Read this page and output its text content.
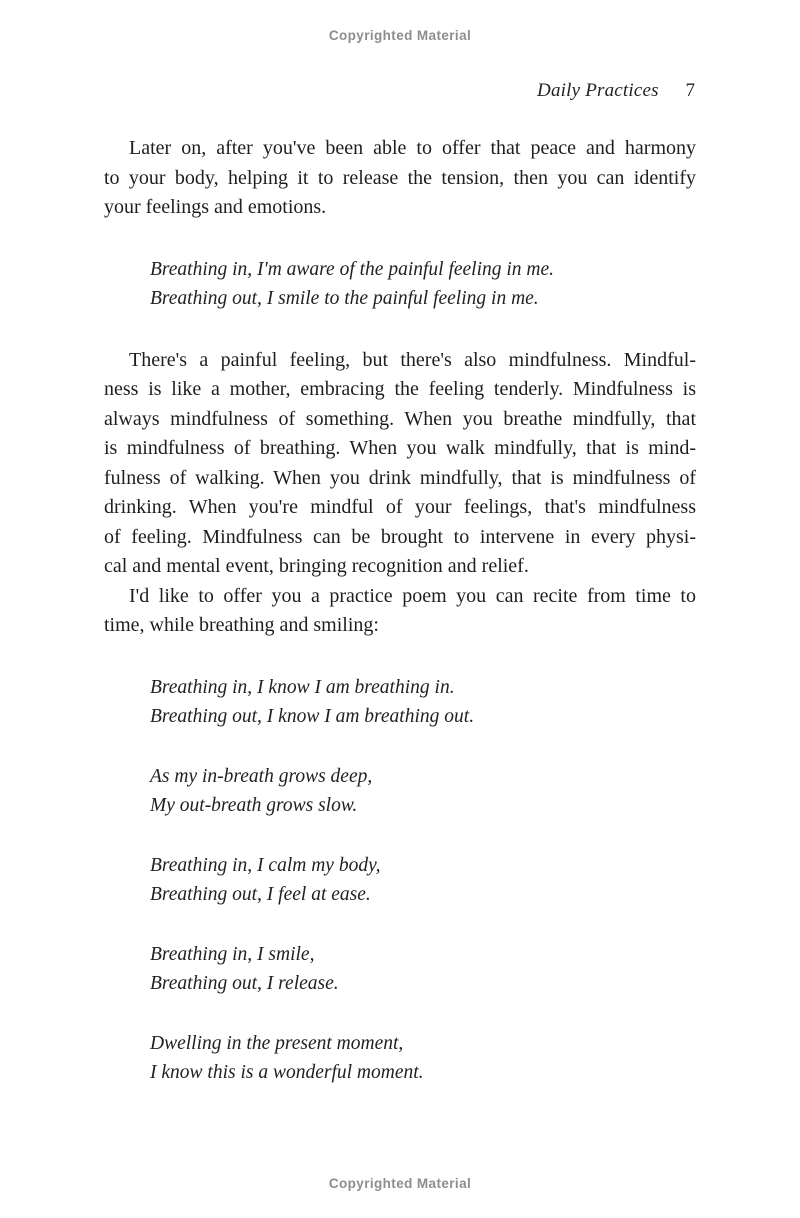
Copyrighted Material
Daily Practices 7
Later on, after you've been able to offer that peace and harmony
to your body, helping it to release the tension, then you can identify
your feelings and emotions.
Breathing in, I'm aware of the painful feeling in me.
Breathing out, I smile to the painful feeling in me.
There's a painful feeling, but there's also mindfulness. Mindful-
ness is like a mother, embracing the feeling tenderly. Mindfulness is
always mindfulness of something. When you breathe mindfully, that
is mindfulness of breathing. When you walk mindfully, that is mind-
fulness of walking. When you drink mindfully, that is mindfulness of
drinking. When you're mindful of your feelings, that's mindfulness
of feeling. Mindfulness can be brought to intervene in every physi-
cal and mental event, bringing recognition and relief.
I'd like to offer you a practice poem you can recite from time to
time, while breathing and smiling:
Breathing in, I know I am breathing in.
Breathing out, I know I am breathing out.
As my in-breath grows deep,
My out-breath grows slow.
Breathing in, I calm my body,
Breathing out, I feel at ease.
Breathing in, I smile,
Breathing out, I release.
Dwelling in the present moment,
I know this is a wonderful moment.
Copyrighted Material
